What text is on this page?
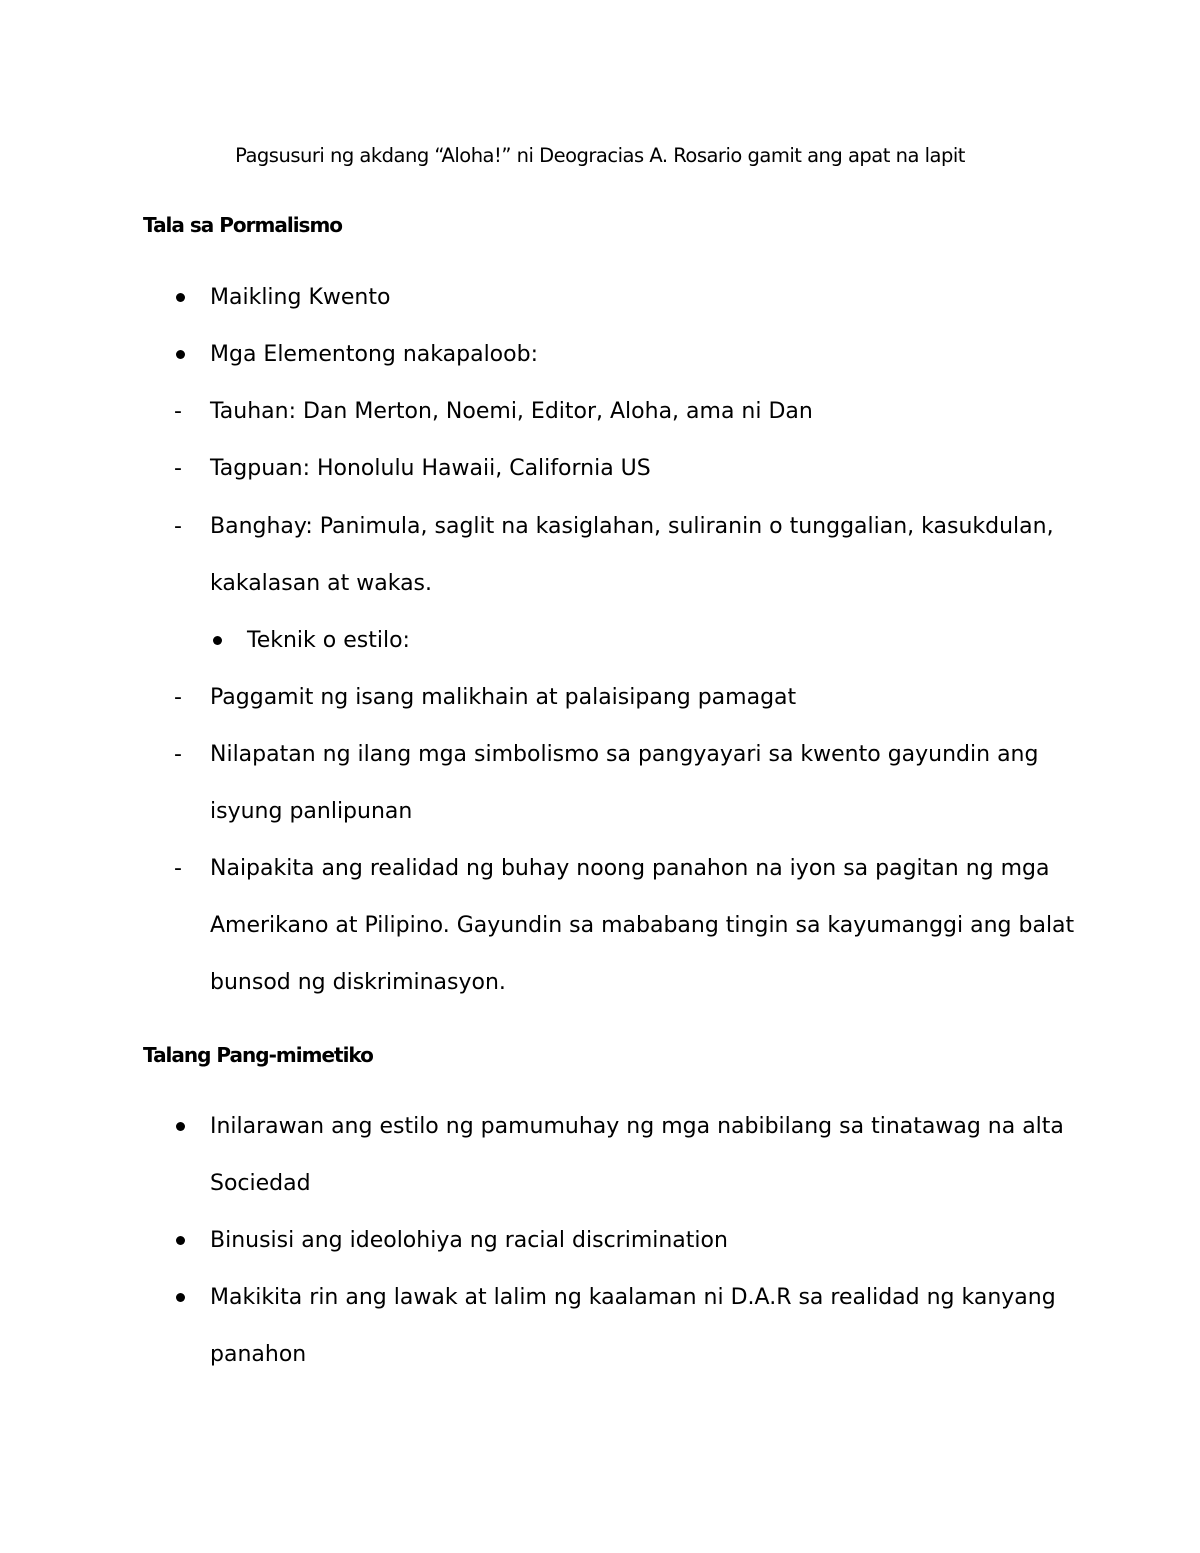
Pagsusuri ng akdang “Aloha!” ni Deogracias A. Rosario gamit ang apat na lapit
Tala sa Pormalismo
Maikling Kwento
Mga Elementong nakapaloob:
- Tauhan: Dan Merton, Noemi, Editor, Aloha, ama ni Dan
- Tagpuan: Honolulu Hawaii, California US
- Banghay: Panimula, saglit na kasiglahan, suliranin o tunggalian, kasukdulan,
kakalasan at wakas.
Teknik o estilo:
- Paggamit ng isang malikhain at palaisipang pamagat
- Nilapatan ng ilang mga simbolismo sa pangyayari sa kwento gayundin ang
isyung panlipunan
- Naipakita ang realidad ng buhay noong panahon na iyon sa pagitan ng mga
Amerikano at Pilipino. Gayundin sa mababang tingin sa kayumanggi ang balat
bunsod ng diskriminasyon.
Talang Pang-mimetiko
Inilarawan ang estilo ng pamumuhay ng mga nabibilang sa tinatawag na alta
Sociedad
Binusisi ang ideolohiya ng racial discrimination
Makikita rin ang lawak at lalim ng kaalaman ni D.A.R sa realidad ng kanyang
panahon
